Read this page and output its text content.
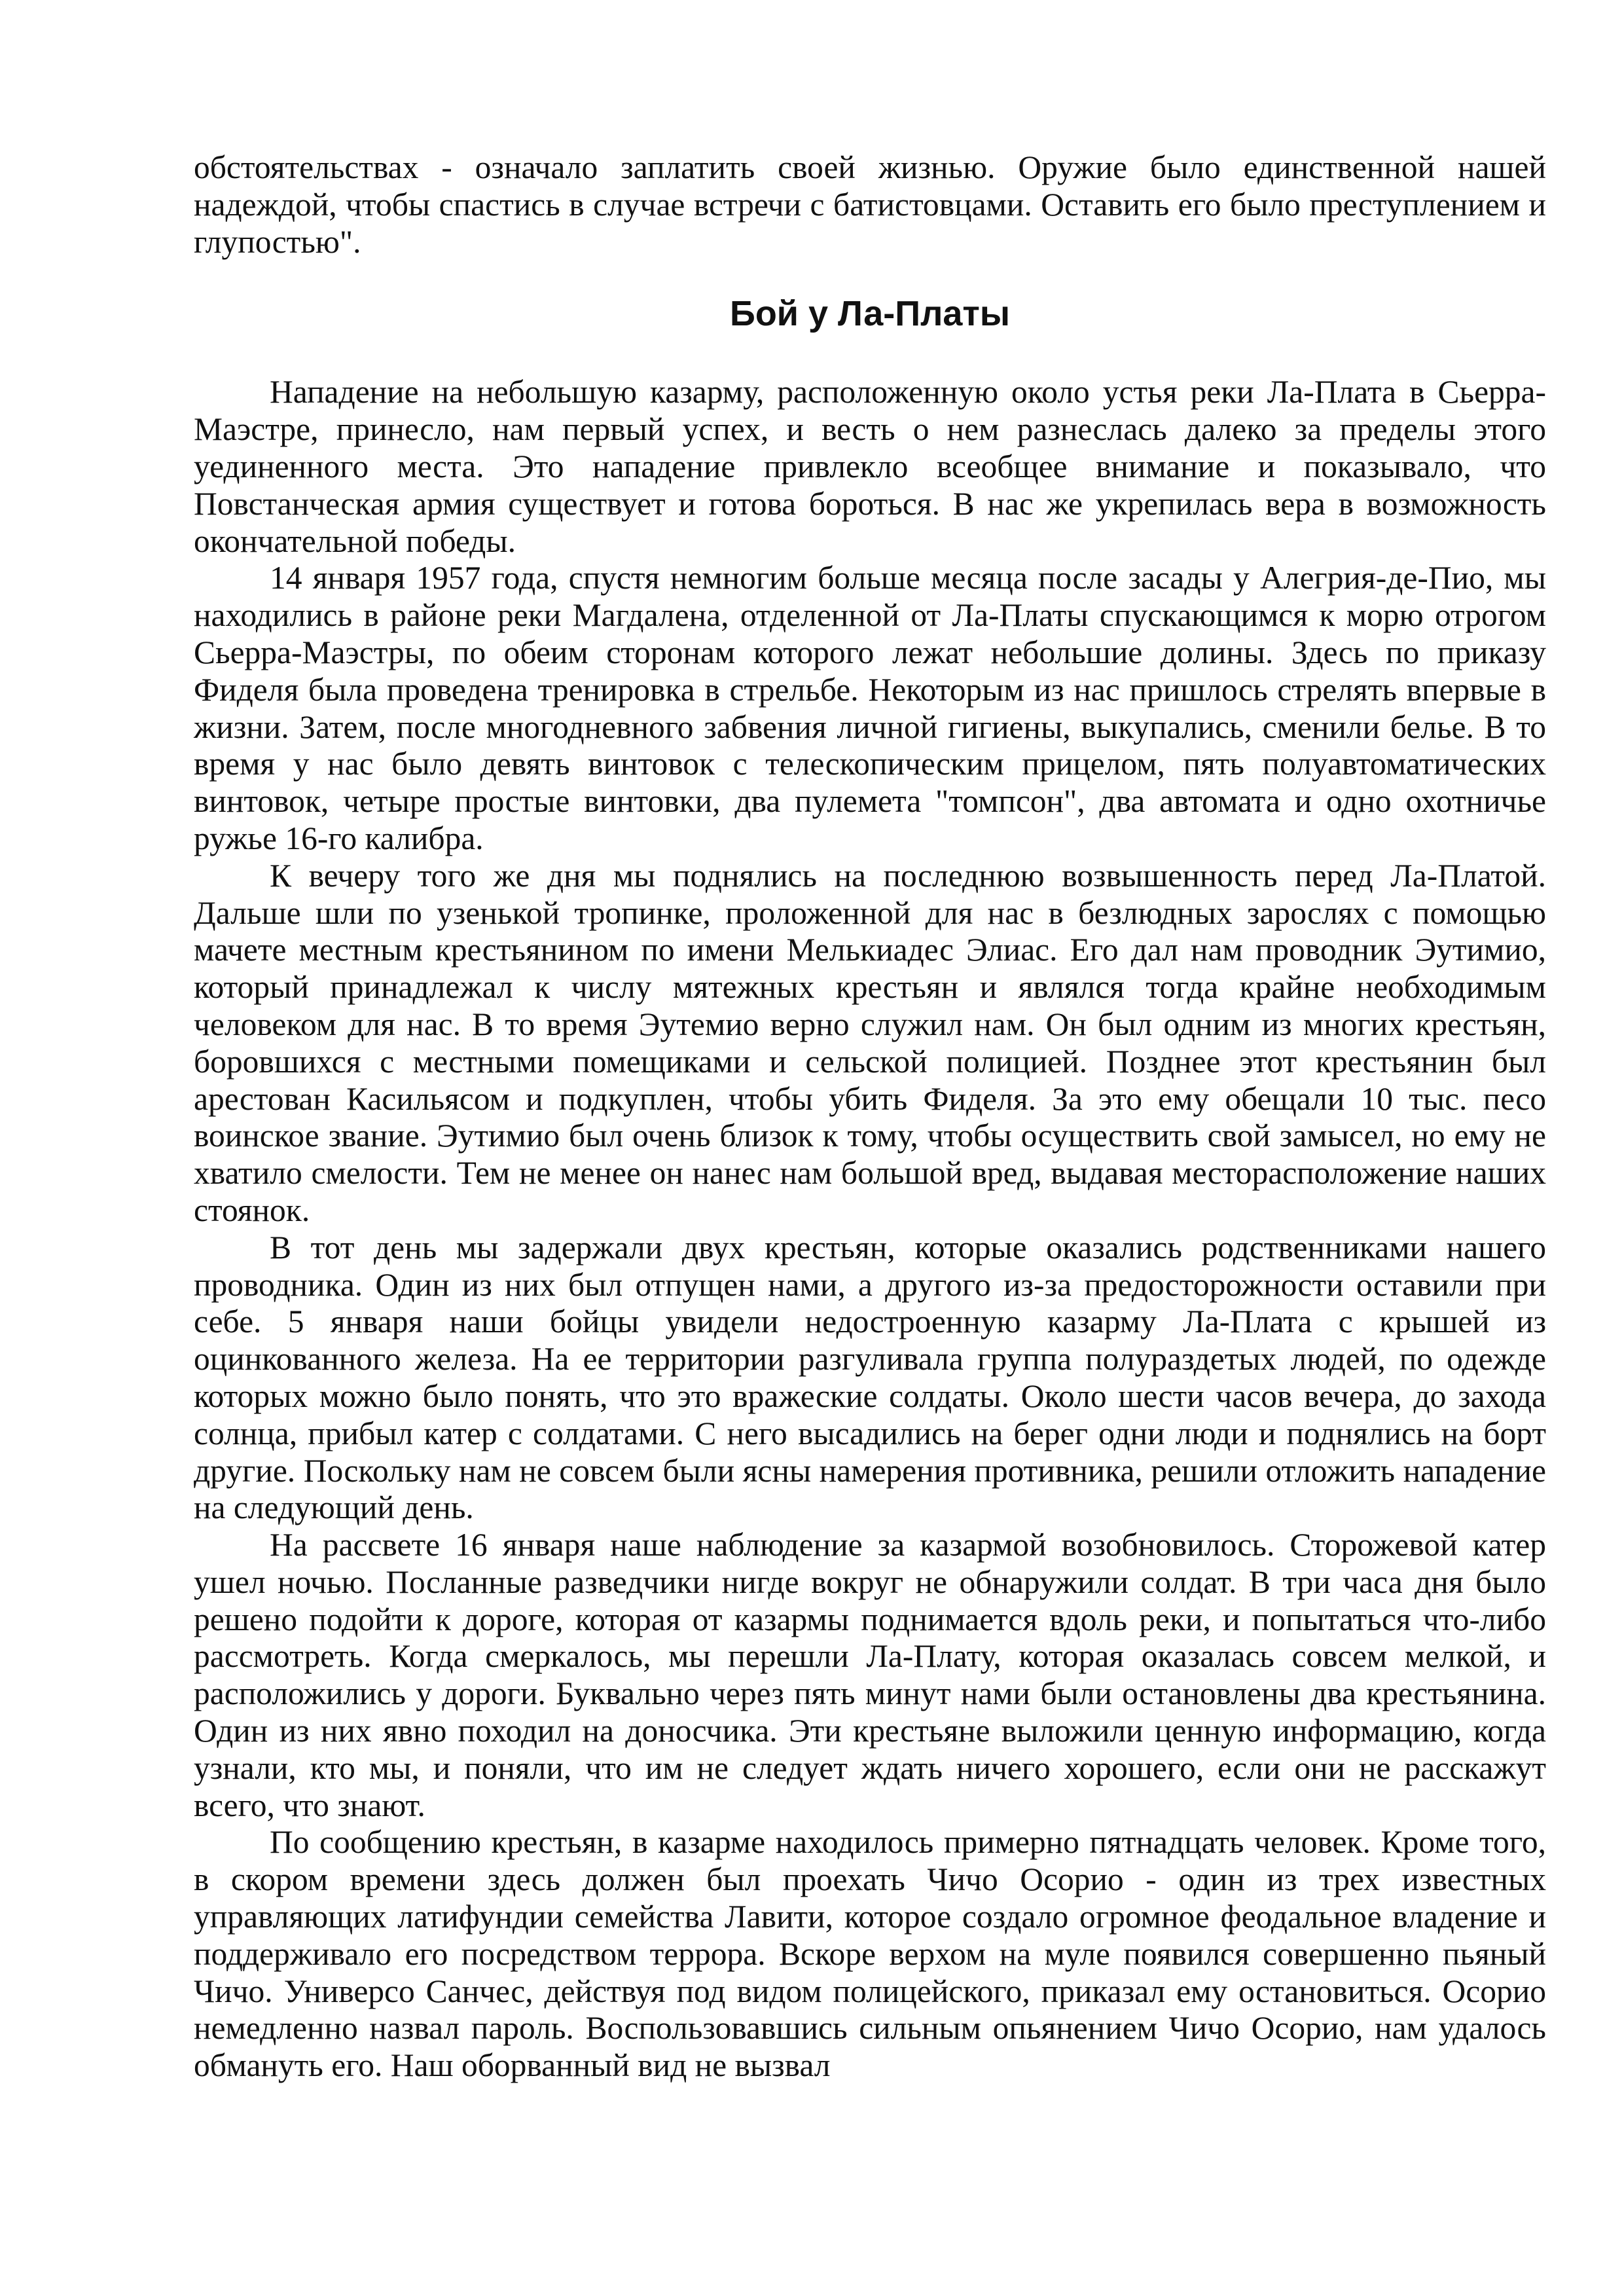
обстоятельствах - означало заплатить своей жизнью. Оружие было единственной нашей надеждой, чтобы спастись в случае встречи с батистовцами. Оставить его было преступлением и глупостью".

Бой у Ла-Платы

Нападение на небольшую казарму, расположенную около устья реки Ла-Плата в Сьерра-Маэстре, принесло, нам первый успех, и весть о нем разнеслась далеко за пределы этого уединенного места. Это нападение привлекло всеобщее внимание и показывало, что Повстанческая армия существует и готова бороться. В нас же укрепилась вера в возможность окончательной победы.

14 января 1957 года, спустя немногим больше месяца после засады у Алегрия-де-Пио, мы находились в районе реки Магдалена, отделенной от Ла-Платы спускающимся к морю отрогом Сьерра-Маэстры, по обеим сторонам которого лежат небольшие долины. Здесь по приказу Фиделя была проведена тренировка в стрельбе. Некоторым из нас пришлось стрелять впервые в жизни. Затем, после многодневного забвения личной гигиены, выкупались, сменили белье. В то время у нас было девять винтовок с телескопическим прицелом, пять полуавтоматических винтовок, четыре простые винтовки, два пулемета "томпсон", два автомата и одно охотничье ружье 16-го калибра.

К вечеру того же дня мы поднялись на последнюю возвышенность перед Ла-Платой. Дальше шли по узенькой тропинке, проложенной для нас в безлюдных зарослях с помощью мачете местным крестьянином по имени Мелькиадес Элиас. Его дал нам проводник Эутимио, который принадлежал к числу мятежных крестьян и являлся тогда крайне необходимым человеком для нас. В то время Эутемио верно служил нам. Он был одним из многих крестьян, боровшихся с местными помещиками и сельской полицией. Позднее этот крестьянин был арестован Касильясом и подкуплен, чтобы убить Фиделя. За это ему обещали 10 тыс. песо воинское звание. Эутимио был очень близок к тому, чтобы осуществить свой замысел, но ему не хватило смелости. Тем не менее он нанес нам большой вред, выдавая месторасположение наших стоянок.

В тот день мы задержали двух крестьян, которые оказались родственниками нашего проводника. Один из них был отпущен нами, а другого из-за предосторожности оставили при себе. 5 января наши бойцы увидели недостроенную казарму Ла-Плата с крышей из оцинкованного железа. На ее территории разгуливала группа полураздетых людей, по одежде которых можно было понять, что это вражеские солдаты. Около шести часов вечера, до захода солнца, прибыл катер с солдатами. С него высадились на берег одни люди и поднялись на борт другие. Поскольку нам не совсем были ясны намерения противника, решили отложить нападение на следующий день.

На рассвете 16 января наше наблюдение за казармой возобновилось. Сторожевой катер ушел ночью. Посланные разведчики нигде вокруг не обнаружили солдат. В три часа дня было решено подойти к дороге, которая от казармы поднимается вдоль реки, и попытаться что-либо рассмотреть. Когда смеркалось, мы перешли Ла-Плату, которая оказалась совсем мелкой, и расположились у дороги. Буквально через пять минут нами были остановлены два крестьянина. Один из них явно походил на доносчика. Эти крестьяне выложили ценную информацию, когда узнали, кто мы, и поняли, что им не следует ждать ничего хорошего, если они не расскажут всего, что знают.

По сообщению крестьян, в казарме находилось примерно пятнадцать человек. Кроме того, в скором времени здесь должен был проехать Чичо Осорио - один из трех известных управляющих латифундии семейства Лавити, которое создало огромное феодальное владение и поддерживало его посредством террора. Вскоре верхом на муле появился совершенно пьяный Чичо. Универсо Санчес, действуя под видом полицейского, приказал ему остановиться. Осорио немедленно назвал пароль. Воспользовавшись сильным опьянением Чичо Осорио, нам удалось обмануть его. Наш оборванный вид не вызвал
